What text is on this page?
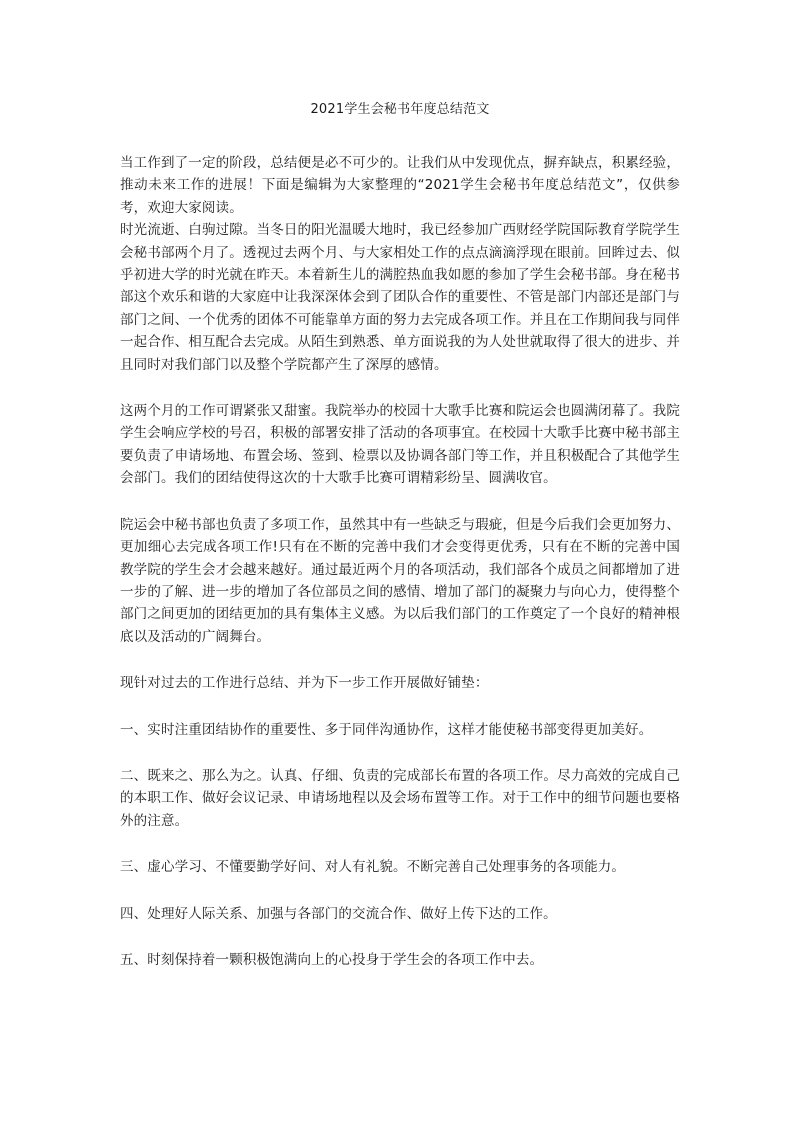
2021学生会秘书年度总结范文

当工作到了一定的阶段，总结便是必不可少的。让我们从中发现优点，摒弃缺点，积累经验，推动未来工作的进展！下面是编辑为大家整理的“2021学生会秘书年度总结范文”，仅供参考，欢迎大家阅读。

时光流逝、白驹过隙。当冬日的阳光温暖大地时，我已经参加广西财经学院国际教育学院学生会秘书部两个月了。透视过去两个月、与大家相处工作的点点滴滴浮现在眼前。回眸过去、似乎初进大学的时光就在昨天。本着新生儿的满腔热血我如愿的参加了学生会秘书部。身在秘书部这个欢乐和谐的大家庭中让我深深体会到了团队合作的重要性、不管是部门内部还是部门与部门之间、一个优秀的团体不可能靠单方面的努力去完成各项工作。并且在工作期间我与同伴一起合作、相互配合去完成。从陌生到熟悉、单方面说我的为人处世就取得了很大的进步、并且同时对我们部门以及整个学院都产生了深厚的感情。

这两个月的工作可谓紧张又甜蜜。我院举办的校园十大歌手比赛和院运会也圆满闭幕了。我院学生会响应学校的号召，积极的部署安排了活动的各项事宜。在校园十大歌手比赛中秘书部主要负责了申请场地、布置会场、签到、检票以及协调各部门等工作，并且积极配合了其他学生会部门。我们的团结使得这次的十大歌手比赛可谓精彩纷呈、圆满收官。

院运会中秘书部也负责了多项工作，虽然其中有一些缺乏与瑕疵，但是今后我们会更加努力、更加细心去完成各项工作!只有在不断的完善中我们才会变得更优秀，只有在不断的完善中国教学院的学生会才会越来越好。通过最近两个月的各项活动，我们部各个成员之间都增加了进一步的了解、进一步的增加了各位部员之间的感情、增加了部门的凝聚力与向心力，使得整个部门之间更加的团结更加的具有集体主义感。为以后我们部门的工作奠定了一个良好的精神根底以及活动的广阔舞台。

现针对过去的工作进行总结、并为下一步工作开展做好铺垫：

一、实时注重团结协作的重要性、多于同伴沟通协作，这样才能使秘书部变得更加美好。

二、既来之、那么为之。认真、仔细、负责的完成部长布置的各项工作。尽力高效的完成自己的本职工作、做好会议记录、申请场地程以及会场布置等工作。对于工作中的细节问题也要格外的注意。

三、虚心学习、不懂要勤学好问、对人有礼貌。不断完善自己处理事务的各项能力。

四、处理好人际关系、加强与各部门的交流合作、做好上传下达的工作。

五、时刻保持着一颗积极饱满向上的心投身于学生会的各项工作中去。
